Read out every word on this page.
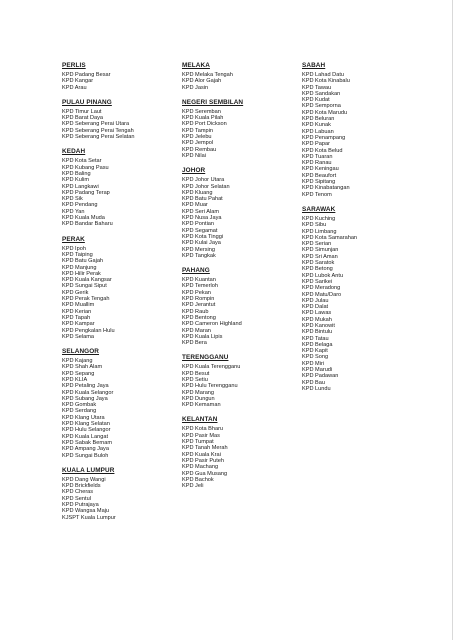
PERLIS
KPD Padang Besar
KPD Kangar
KPD Arau
PULAU PINANG
KPD Timur Laut
KPD Barat Daya
KPD Seberang Perai Utara
KPD Seberang Perai Tengah
KPD Seberang Perai Selatan
KEDAH
KPD Kota Setar
KPD Kubang Pasu
KPD Baling
KPD Kulim
KPD Langkawi
KPD Padang Terap
KPD Sik
KPD Pendang
KPD Yan
KPD Kuala Muda
KPD Bandar Baharu
PERAK
KPD Ipoh
KPD Taiping
KPD Batu Gajah
KPD Manjung
KPD Hilir Perak
KPD Kuala Kangsar
KPD Sungai Siput
KPD Gerik
KPD Perak Tengah
KPD Muallim
KPD Kerian
KPD Tapah
KPD Kampar
KPD Pengkalan Hulu
KPD Selama
SELANGOR
KPD Kajang
KPD Shah Alam
KPD Sepang
KPD KLIA
KPD Petaling Jaya
KPD Kuala Selangor
KPD Subang Jaya
KPD Gombak
KPD Serdang
KPD Klang Utara
KPD Klang Selatan
KPD Hulu Selangor
KPD Kuala Langat
KPD Sabak Bernam
KPD Ampang Jaya
KPD Sungai Buloh
KUALA LUMPUR
KPD Dang Wangi
KPD Brickfields
KPD Cheras
KPD Sentul
KPD Putrajaya
KPD Wangsa Maju
KJSPT Kuala Lumpur
MELAKA
KPD Melaka Tengah
KPD Alor Gajah
KPD Jasin
NEGERI SEMBILAN
KPD Seremban
KPD Kuala Pilah
KPD Port Dickson
KPD Tampin
KPD Jelebu
KPD Jempol
KPD Rembau
KPD Nilai
JOHOR
KPD Johor Utara
KPD Johor Selatan
KPD Kluang
KPD Batu Pahat
KPD Muar
KPD Seri Alam
KPD Nusa Jaya
KPD Pontian
KPD Segamat
KPD Kota Tinggi
KPD Kulai Jaya
KPD Mersing
KPD Tangkak
PAHANG
KPD Kuantan
KPD Temerloh
KPD Pekan
KPD Rompin
KPD Jerantut
KPD Raub
KPD Bentong
KPD Cameron Highland
KPD Maran
KPD Kuala Lipis
KPD Bera
TERENGGANU
KPD Kuala Terengganu
KPD Besut
KPD Setiu
KPD Hulu Terengganu
KPD Marang
KPD Dungun
KPD Kemaman
KELANTAN
KPD Kota Bharu
KPD Pasir Mas
KPD Tumpat
KPD Tanah Merah
KPD Kuala Krai
KPD Pasir Puteh
KPD Machang
KPD Gua Musang
KPD Bachok
KPD Jeli
SABAH
KPD Lahad Datu
KPD Kota Kinabalu
KPD Tawau
KPD Sandakan
KPD Kudat
KPD Semporna
KPD Kota Marudu
KPD Beluran
KPD Kunak
KPD Labuan
KPD Penampang
KPD Papar
KPD Kota Belud
KPD Tuaran
KPD Ranau
KPD Keningau
KPD Beaufort
KPD Sipitang
KPD Kinabatangan
KPD Tenom
SARAWAK
KPD Kuching
KPD Sibu
KPD Limbang
KPD Kota Samarahan
KPD Serian
KPD Simunjan
KPD Sri Aman
KPD Saratok
KPD Betong
KPD Lubok Antu
KPD Sarikei
KPD Meradong
KPD Matu/Daro
KPD Julau
KPD Dalat
KPD Lawas
KPD Mukah
KPD Kanowit
KPD Bintulu
KPD Tatau
KPD Belaga
KPD Kapit
KPD Song
KPD Miri
KPD Marudi
KPD Padawan
KPD Bau
KPD Lundu
